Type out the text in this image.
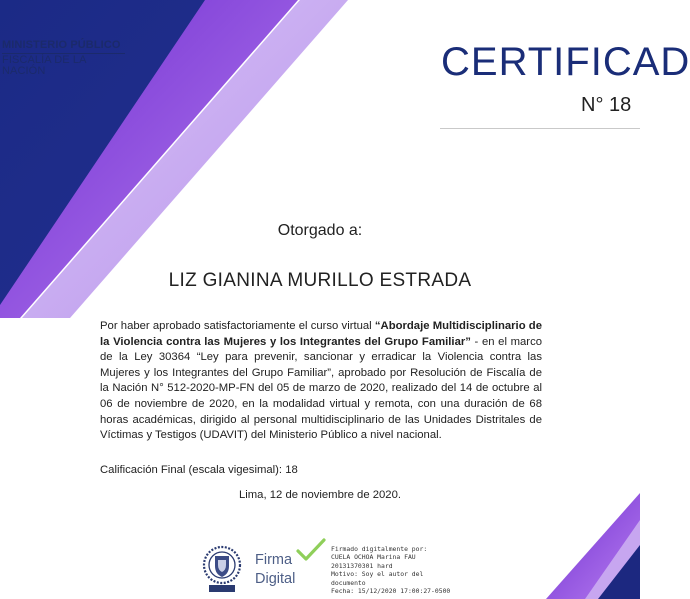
MINISTERIO PÚBLICO
FISCALÍA DE LA NACIÓN	CERTIFICAD
N° 18
Otorgado a:
LIZ GIANINA MURILLO ESTRADA
Por haber aprobado satisfactoriamente el curso virtual “Abordaje Multidisciplinario de la Violencia contra las Mujeres y los Integrantes del Grupo Familiar” - en el marco de la Ley 30364 “Ley para prevenir, sancionar y erradicar la Violencia contra las Mujeres y los Integrantes del Grupo Familiar”, aprobado por Resolución de Fiscalía de la Nación N° 512-2020-MP-FN del 05 de marzo de 2020, realizado del 14 de octubre al 06 de noviembre de 2020, en la modalidad virtual y remota, con una duración de 68 horas académicas, dirigido al personal multidisciplinario de las Unidades Distritales de Víctimas y Testigos (UDAVIT) del Ministerio Público a nivel nacional.
Calificación Final (escala vigesimal): 18
Lima, 12 de noviembre de 2020.
Firma
Digital
Firmado digitalmente por:
CUELA OCHOA Marina FAU
20131370301 hard
Motivo: Soy el autor del
documento
Fecha: 15/12/2020 17:00:27-0500
